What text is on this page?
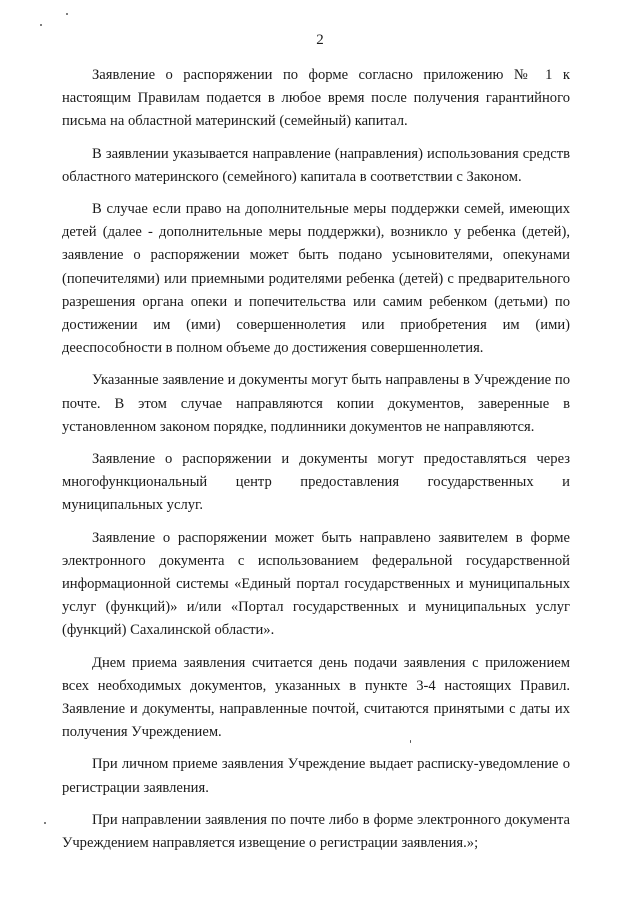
2

Заявление о распоряжении по форме согласно приложению № 1 к настоящим Правилам подается в любое время после получения гарантийного письма на областной материнский (семейный) капитал.

В заявлении указывается направление (направления) использования средств областного материнского (семейного) капитала в соответствии с Законом.

В случае если право на дополнительные меры поддержки семей, имеющих детей (далее - дополнительные меры поддержки), возникло у ребенка (детей), заявление о распоряжении может быть подано усыновителями, опекунами (попечителями) или приемными родителями ребенка (детей) с предварительного разрешения органа опеки и попечительства или самим ребенком (детьми) по достижении им (ими) совершеннолетия или приобретения им (ими) дееспособности в полном объеме до достижения совершеннолетия.

Указанные заявление и документы могут быть направлены в Учреждение по почте. В этом случае направляются копии документов, заверенные в установленном законом порядке, подлинники документов не направляются.

Заявление о распоряжении и документы могут предоставляться через многофункциональный центр предоставления государственных и муниципальных услуг.

Заявление о распоряжении может быть направлено заявителем в форме электронного документа с использованием федеральной государственной информационной системы «Единый портал государственных и муниципальных услуг (функций)» и/или «Портал государственных и муниципальных услуг (функций) Сахалинской области».

Днем приема заявления считается день подачи заявления с приложением всех необходимых документов, указанных в пункте 3-4 настоящих Правил. Заявление и документы, направленные почтой, считаются принятыми с даты их получения Учреждением.

При личном приеме заявления Учреждение выдает расписку-уведомление о регистрации заявления.

При направлении заявления по почте либо в форме электронного документа Учреждением направляется извещение о регистрации заявления.»;
